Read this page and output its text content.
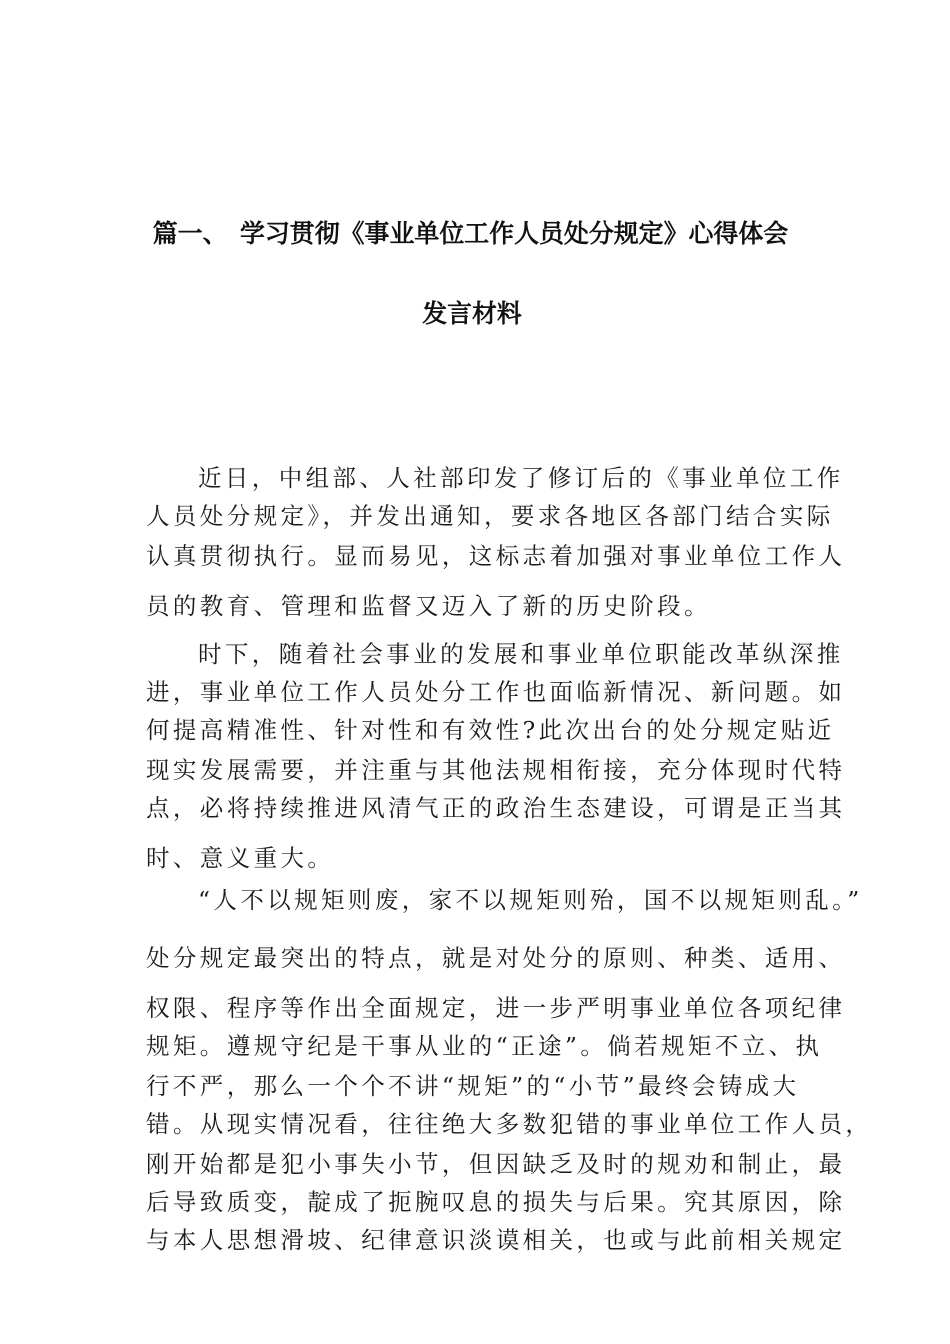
篇一、　学习贯彻《事业单位工作人员处分规定》心得体会
发言材料
近日，中组部、人社部印发了修订后的《事业单位工作
人员处分规定》，并发出通知，要求各地区各部门结合实际
认真贯彻执行。显而易见，这标志着加强对事业单位工作人
员的教育、管理和监督又迈入了新的历史阶段。
时下，随着社会事业的发展和事业单位职能改革纵深推
进，事业单位工作人员处分工作也面临新情况、新问题。如
何提高精准性、针对性和有效性?此次出台的处分规定贴近
现实发展需要，并注重与其他法规相衔接，充分体现时代特
点，必将持续推进风清气正的政治生态建设，可谓是正当其
时、意义重大。
“人不以规矩则废，家不以规矩则殆，国不以规矩则乱。”
处分规定最突出的特点，就是对处分的原则、种类、适用、
权限、程序等作出全面规定，进一步严明事业单位各项纪律
规矩。遵规守纪是干事从业的“正途”。倘若规矩不立、执
行不严，那么一个个不讲“规矩”的“小节”最终会铸成大
错。从现实情况看，往往绝大多数犯错的事业单位工作人员，
刚开始都是犯小事失小节，但因缺乏及时的规劝和制止，最
后导致质变，靛成了扼腕叹息的损失与后果。究其原因，除
与本人思想滑坡、纪律意识淡谟相关，也或与此前相关规定
